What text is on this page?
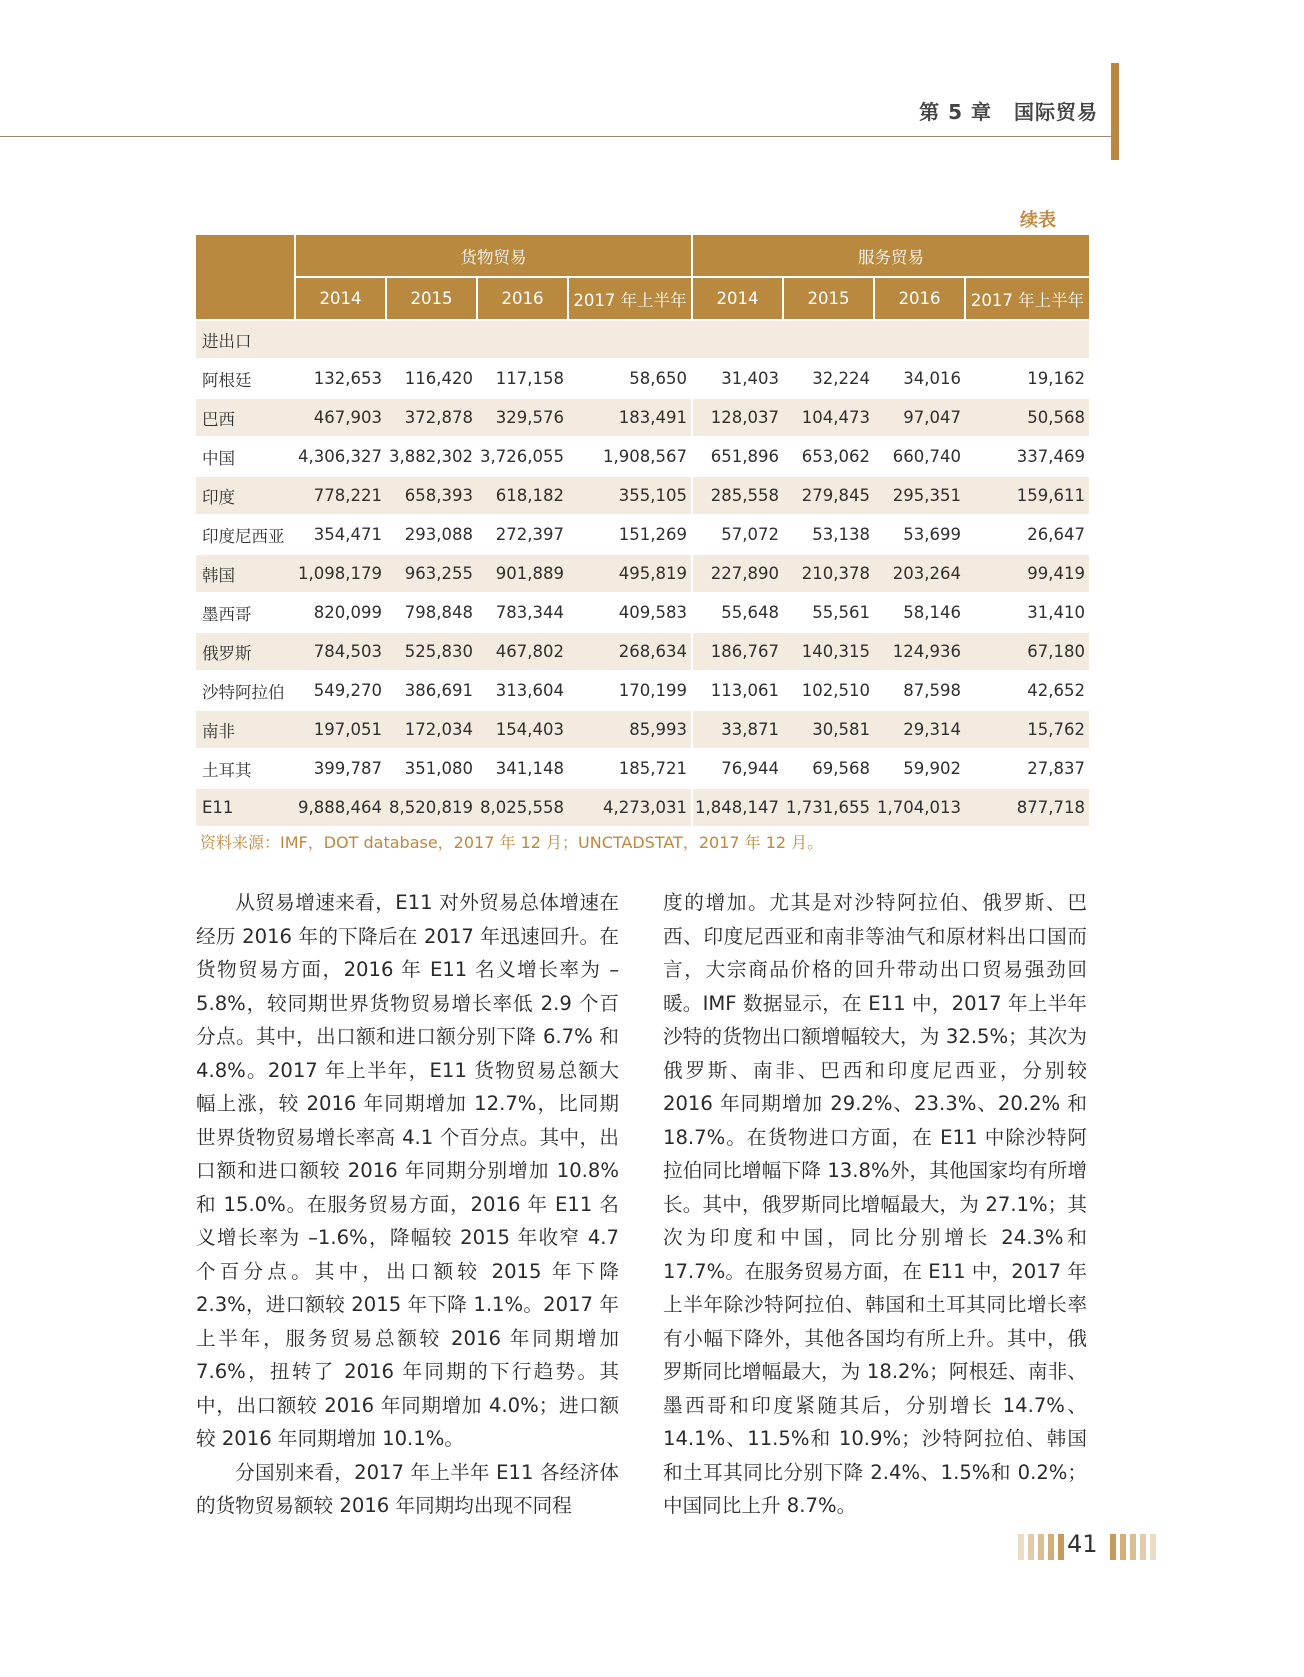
第 5 章 国际贸易
续表
	货物贸易				服务贸易			
	2014	2015	2016	2017 年上半年	2014	2015	2016	2017 年上半年
进出口								
阿根廷	132,653	116,420	117,158	58,650	31,403	32,224	34,016	19,162
巴西	467,903	372,878	329,576	183,491	128,037	104,473	97,047	50,568
中国	4,306,327	3,882,302	3,726,055	1,908,567	651,896	653,062	660,740	337,469
印度	778,221	658,393	618,182	355,105	285,558	279,845	295,351	159,611
印度尼西亚	354,471	293,088	272,397	151,269	57,072	53,138	53,699	26,647
韩国	1,098,179	963,255	901,889	495,819	227,890	210,378	203,264	99,419
墨西哥	820,099	798,848	783,344	409,583	55,648	55,561	58,146	31,410
俄罗斯	784,503	525,830	467,802	268,634	186,767	140,315	124,936	67,180
沙特阿拉伯	549,270	386,691	313,604	170,199	113,061	102,510	87,598	42,652
南非	197,051	172,034	154,403	85,993	33,871	30,581	29,314	15,762
土耳其	399,787	351,080	341,148	185,721	76,944	69,568	59,902	27,837
E11	9,888,464	8,520,819	8,025,558	4,273,031	1,848,147	1,731,655	1,704,013	877,718
资料来源：IMF，DOT database，2017 年 12 月；UNCTADSTAT，2017 年 12 月。

从贸易增速来看，E11 对外贸易总体增速在经历 2016 年的下降后在 2017 年迅速回升。在货物贸易方面，2016 年 E11 名义增长率为 –5.8%，较同期世界货物贸易增长率低 2.9 个百分点。其中，出口额和进口额分别下降 6.7% 和 4.8%。2017 年上半年，E11 货物贸易总额大幅上涨，较 2016 年同期增加 12.7%，比同期世界货物贸易增长率高 4.1 个百分点。其中，出口额和进口额较 2016 年同期分别增加 10.8%和 15.0%。在服务贸易方面，2016 年 E11 名义增长率为 –1.6%，降幅较 2015 年收窄 4.7 个百分点。其中，出口额较 2015 年下降 2.3%，进口额较 2015 年下降 1.1%。2017 年上半年，服务贸易总额较 2016 年同期增加 7.6%，扭转了 2016 年同期的下行趋势。其中，出口额较 2016 年同期增加 4.0%；进口额较 2016 年同期增加 10.1%。

分国别来看，2017 年上半年 E11 各经济体的货物贸易额较 2016 年同期均出现不同程

度的增加。尤其是对沙特阿拉伯、俄罗斯、巴西、印度尼西亚和南非等油气和原材料出口国而言，大宗商品价格的回升带动出口贸易强劲回暖。IMF 数据显示，在 E11 中，2017 年上半年沙特的货物出口额增幅较大，为 32.5%；其次为俄罗斯、南非、巴西和印度尼西亚，分别较 2016 年同期增加 29.2%、23.3%、20.2% 和 18.7%。在货物进口方面，在 E11 中除沙特阿拉伯同比增幅下降 13.8%外，其他国家均有所增长。其中，俄罗斯同比增幅最大，为 27.1%；其次为印度和中国，同比分别增长 24.3%和 17.7%。在服务贸易方面，在 E11 中，2017 年上半年除沙特阿拉伯、韩国和土耳其同比增长率有小幅下降外，其他各国均有所上升。其中，俄罗斯同比增幅最大，为 18.2%；阿根廷、南非、墨西哥和印度紧随其后，分别增长 14.7%、14.1%、11.5%和 10.9%；沙特阿拉伯、韩国和土耳其同比分别下降 2.4%、1.5%和 0.2%；中国同比上升 8.7%。

41
